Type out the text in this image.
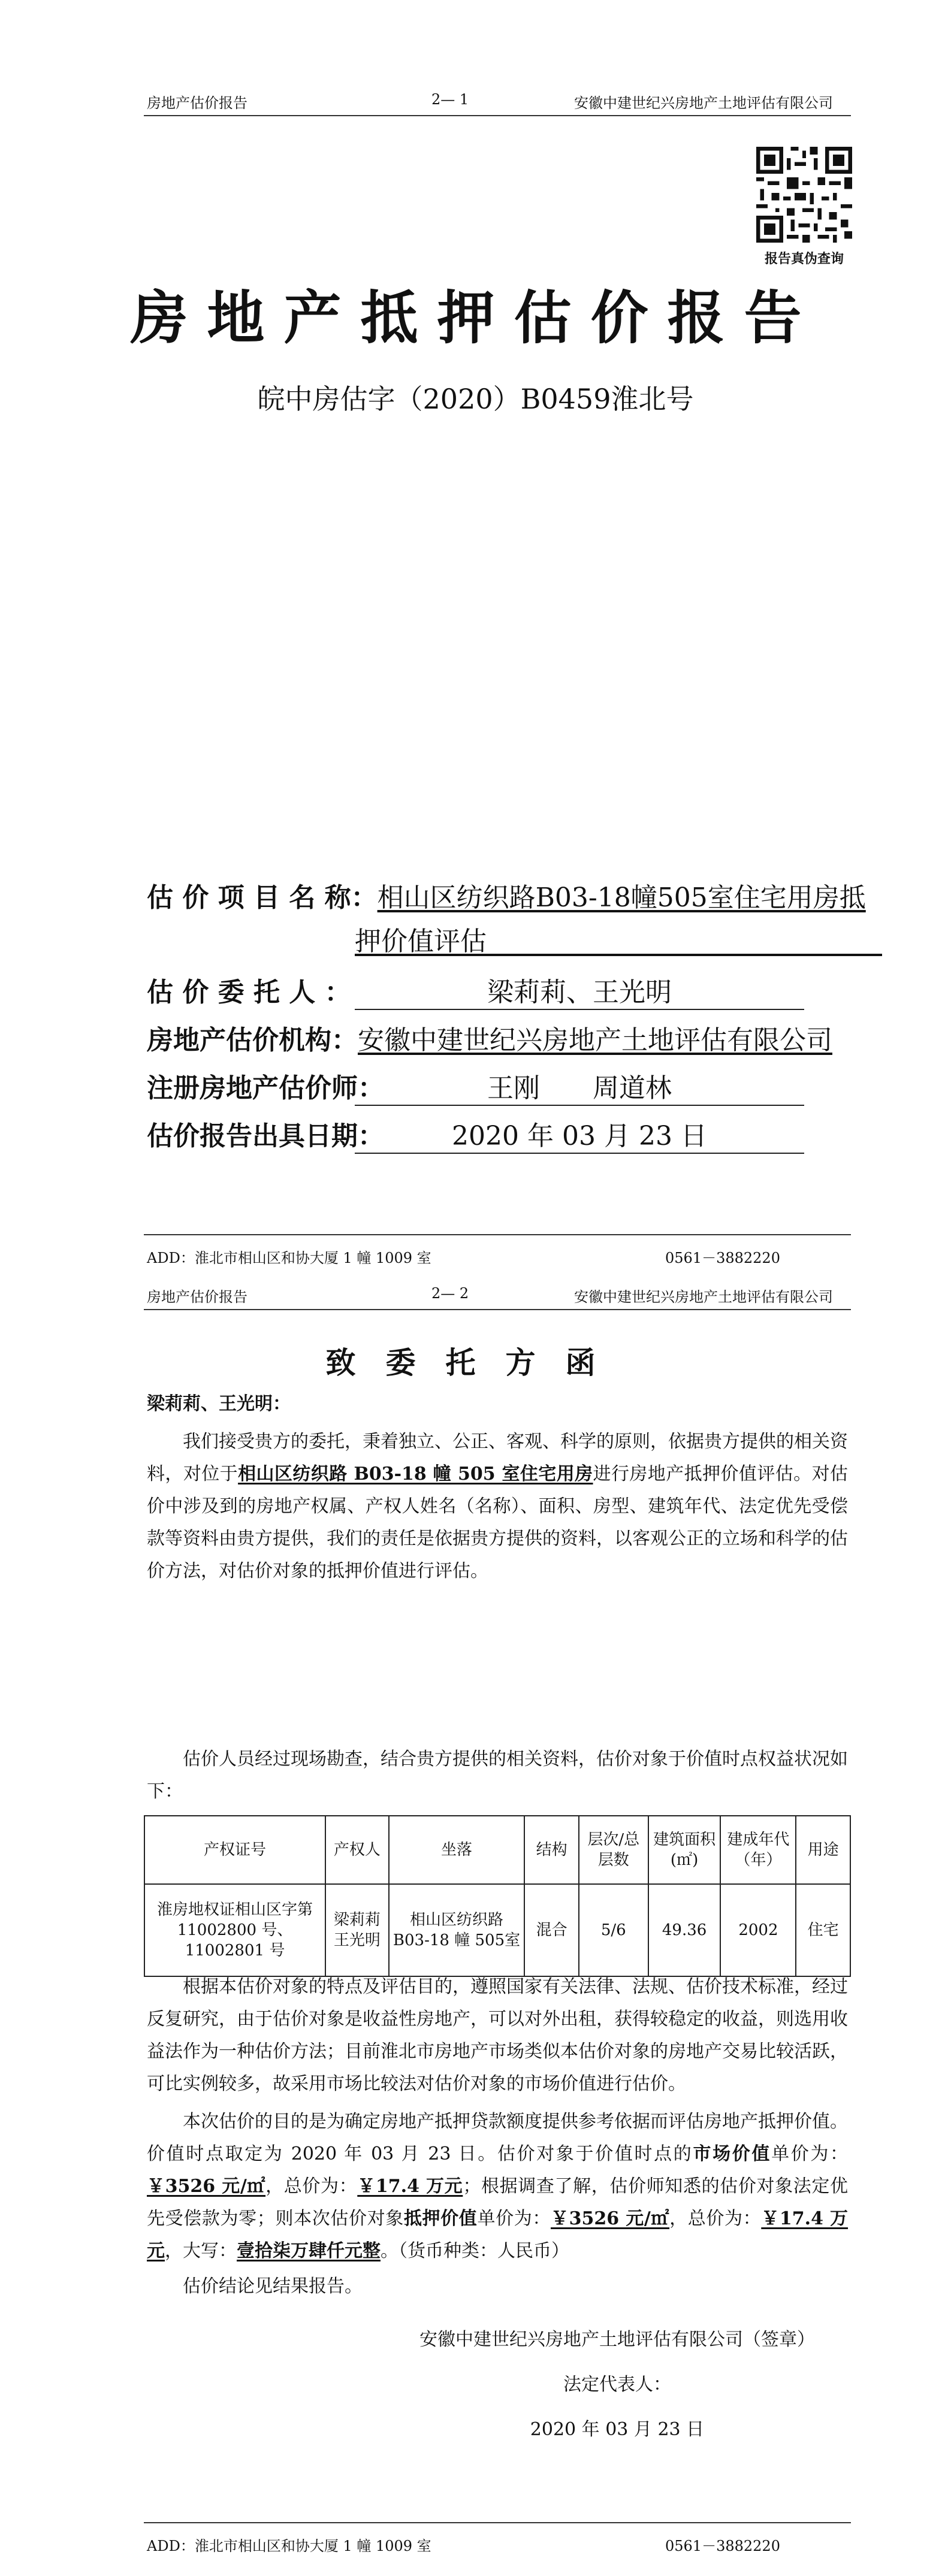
房地产估价报告	2— 1	安徽中建世纪兴房地产土地评估有限公司
报告真伪查询
房地产抵押估价报告
皖中房估字（2020）B0459淮北号
估 价 项 目 名 称：相山区纺织路B03-18幢505室住宅用房抵
押价值评估　　　　　　　　　　　　　　　
估 价 委 托 人 ：	梁莉莉、王光明
房地产估价机构：安徽中建世纪兴房地产土地评估有限公司
注册房地产估价师：	王刚　　周道林
估价报告出具日期：	2020 年 03 月 23 日
ADD：淮北市相山区和协大厦 1 幢 1009 室	0561－3882220
房地产估价报告	2— 2	安徽中建世纪兴房地产土地评估有限公司
致委托方函
梁莉莉、王光明：
我们接受贵方的委托，秉着独立、公正、客观、科学的原则，依据贵方提供的相关资料，对位于相山区纺织路 B03-18 幢 505 室住宅用房进行房地产抵押价值评估。对估价中涉及到的房地产权属、产权人姓名（名称）、面积、房型、建筑年代、法定优先受偿款等资料由贵方提供，我们的责任是依据贵方提供的资料，以客观公正的立场和科学的估价方法，对估价对象的抵押价值进行评估。
估价人员经过现场勘查，结合贵方提供的相关资料，估价对象于价值时点权益状况如下：
产权证号	产权人	坐落	结构	层次/总层数	建筑面积(㎡)	建成年代（年）	用途
淮房地权证相山区字第 11002800 号、11002801 号	梁莉莉王光明	相山区纺织路B03-18 幢 505室	混合	5/6	49.36	2002	住宅
根据本估价对象的特点及评估目的，遵照国家有关法律、法规、估价技术标准，经过反复研究，由于估价对象是收益性房地产，可以对外出租，获得较稳定的收益，则选用收益法作为一种估价方法；目前淮北市房地产市场类似本估价对象的房地产交易比较活跃，可比实例较多，故采用市场比较法对估价对象的市场价值进行估价。
本次估价的目的是为确定房地产抵押贷款额度提供参考依据而评估房地产抵押价值。价值时点取定为 2020 年 03 月 23 日。估价对象于价值时点的市场价值单价为：￥3526 元/㎡，总价为：￥17.4 万元；根据调查了解，估价师知悉的估价对象法定优先受偿款为零；则本次估价对象抵押价值单价为：￥3526 元/㎡，总价为：￥17.4 万元，大写：壹拾柒万肆仟元整。（货币种类：人民币）
估价结论见结果报告。
安徽中建世纪兴房地产土地评估有限公司（签章）
法定代表人：
2020 年 03 月 23 日
ADD：淮北市相山区和协大厦 1 幢 1009 室	0561－3882220
